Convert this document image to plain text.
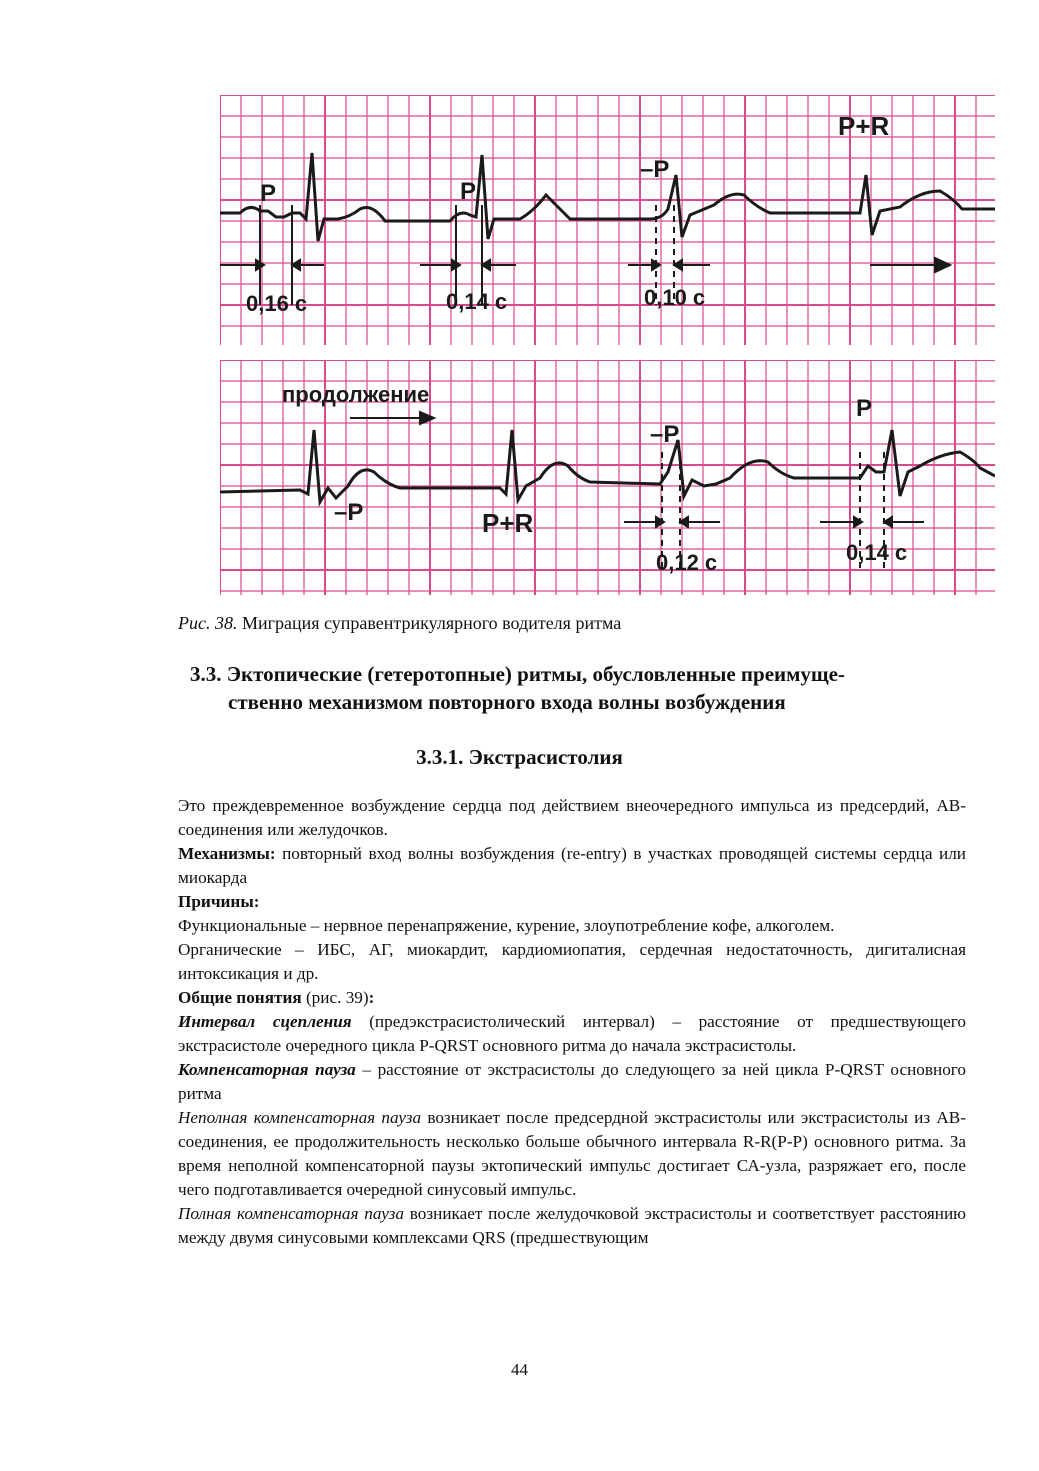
P	P
–P
P+R
0,16 с	0,14 с	0,10 с
продолжение
–P	P+R
–P
P
0,12 с	0,14 с
Рис. 38. Миграция суправентрикулярного водителя ритма
3.3. Эктопические (гетеротопные) ритмы, обусловленные преимуще-
ственно механизмом повторного входа волны возбуждения
3.3.1. Экстрасистолия

Это преждевременное возбуждение сердца под действием внеочередного импульса из предсердий, АВ-соединения или желудочков.

Механизмы: повторный вход волны возбуждения (re-entry) в участках проводящей системы сердца или миокарда

Причины:

Функциональные – нервное перенапряжение, курение, злоупотребление кофе, алкоголем.

Органические – ИБС, АГ, миокардит, кардиомиопатия, сердечная недостаточность, дигиталисная интоксикация и др.

Общие понятия (рис. 39):

Интервал сцепления (предэкстрасистолический интервал) – расстояние от предшествующего экстрасистоле очередного цикла P-QRST основного ритма до начала экстрасистолы.

Компенсаторная пауза – расстояние от экстрасистолы до следующего за ней цикла P-QRST основного ритма

Неполная компенсаторная пауза возникает после предсердной экстрасистолы или экстрасистолы из АВ-соединения, ее продолжительность несколько больше обычного интервала R-R(P-P) основного ритма. За время неполной компенсаторной паузы эктопический импульс достигает СА-узла, разряжает его, после чего подготавливается очередной синусовый импульс.

Полная компенсаторная пауза возникает после желудочковой экстрасистолы и соответствует расстоянию между двумя синусовыми комплексами QRS (предшествующим

44
